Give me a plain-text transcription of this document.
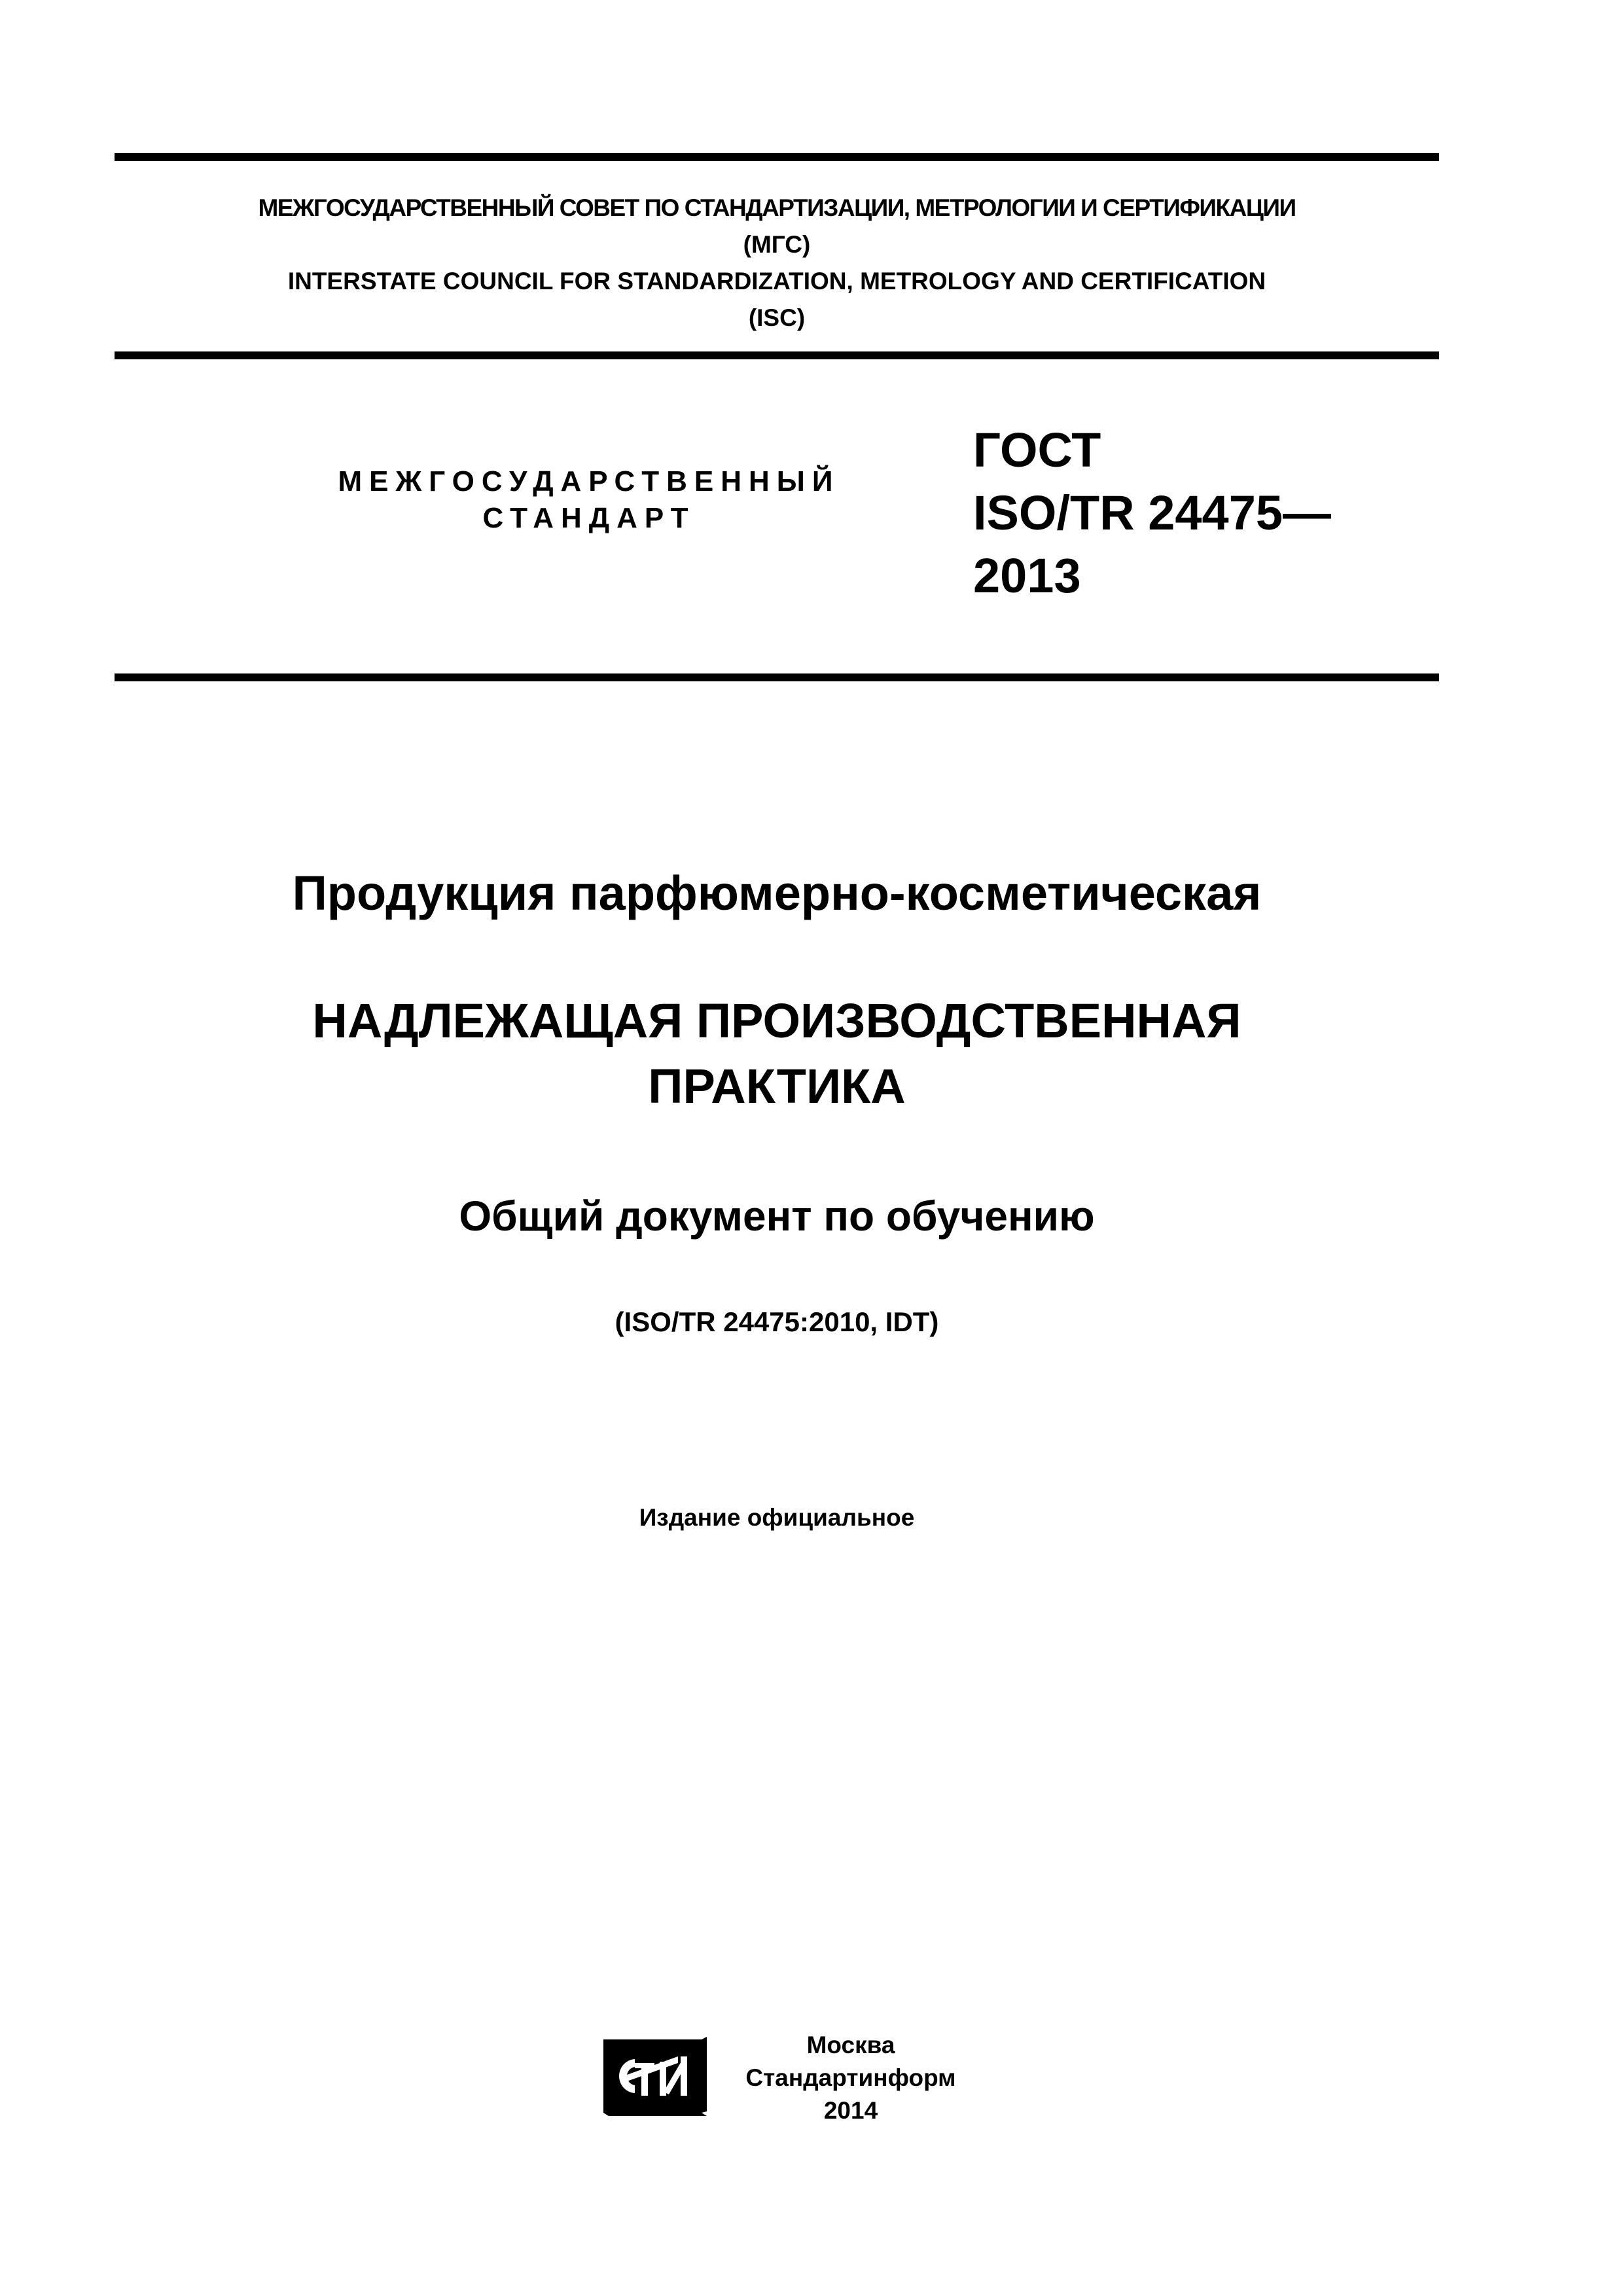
МЕЖГОСУДАРСТВЕННЫЙ СОВЕТ ПО СТАНДАРТИЗАЦИИ, МЕТРОЛОГИИ И СЕРТИФИКАЦИИ
(МГС)
INTERSTATE COUNCIL FOR STANDARDIZATION, METROLOGY AND CERTIFICATION
(ISC)
МЕЖГОСУДАРСТВЕННЫЙ
СТАНДАРТ
ГОСТ
ISO/TR 24475—
2013
Продукция парфюмерно-косметическая
НАДЛЕЖАЩАЯ ПРОИЗВОДСТВЕННАЯ
ПРАКТИКА
Общий документ по обучению
(ISO/TR 24475:2010, IDT)
Издание официальное
Москва
Стандартинформ
2014
